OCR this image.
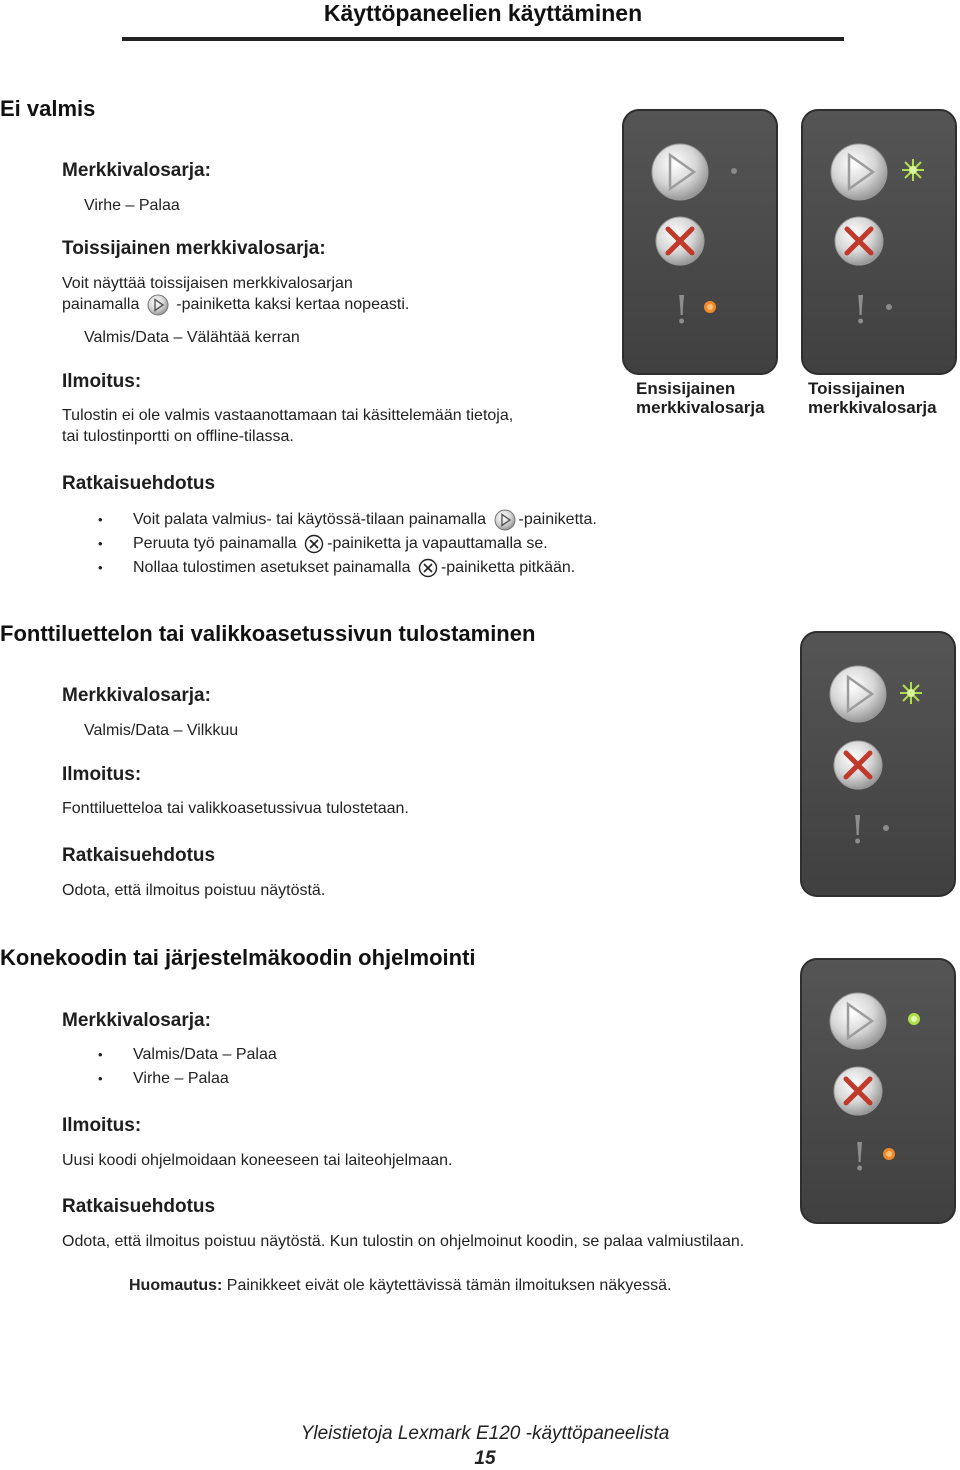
Käyttöpaneelien käyttäminen
Ei valmis
Merkkivalosarja:
Virhe – Palaa
Toissijainen merkkivalosarja:
Voit näyttää toissijaisen merkkivalosarjan
painamalla -painiketta kaksi kertaa nopeasti.
Valmis/Data – Välähtää kerran
Ilmoitus:
Tulostin ei ole valmis vastaanottamaan tai käsittelemään tietoja,
tai tulostinportti on offline-tilassa.
Ratkaisuehdotus
• Voit palata valmius- tai käytössä-tilaan painamalla -painiketta.
• Peruuta työ painamalla -painiketta ja vapauttamalla se.
• Nollaa tulostimen asetukset painamalla -painiketta pitkään.
!	!
Ensisijainen
merkkivalosarja
Toissijainen
merkkivalosarja
Fonttiluettelon tai valikkoasetussivun tulostaminen
Merkkivalosarja:
Valmis/Data – Vilkkuu
Ilmoitus:
Fonttiluetteloa tai valikkoasetussivua tulostetaan.
Ratkaisuehdotus
Odota, että ilmoitus poistuu näytöstä.
!
Konekoodin tai järjestelmäkoodin ohjelmointi
Merkkivalosarja:
• Valmis/Data – Palaa
• Virhe – Palaa
Ilmoitus:
Uusi koodi ohjelmoidaan koneeseen tai laiteohjelmaan.
Ratkaisuehdotus
Odota, että ilmoitus poistuu näytöstä. Kun tulostin on ohjelmoinut koodin, se palaa valmiustilaan.
Huomautus: Painikkeet eivät ole käytettävissä tämän ilmoituksen näkyessä.
!
Yleistietoja Lexmark E120 -käyttöpaneelista
15
